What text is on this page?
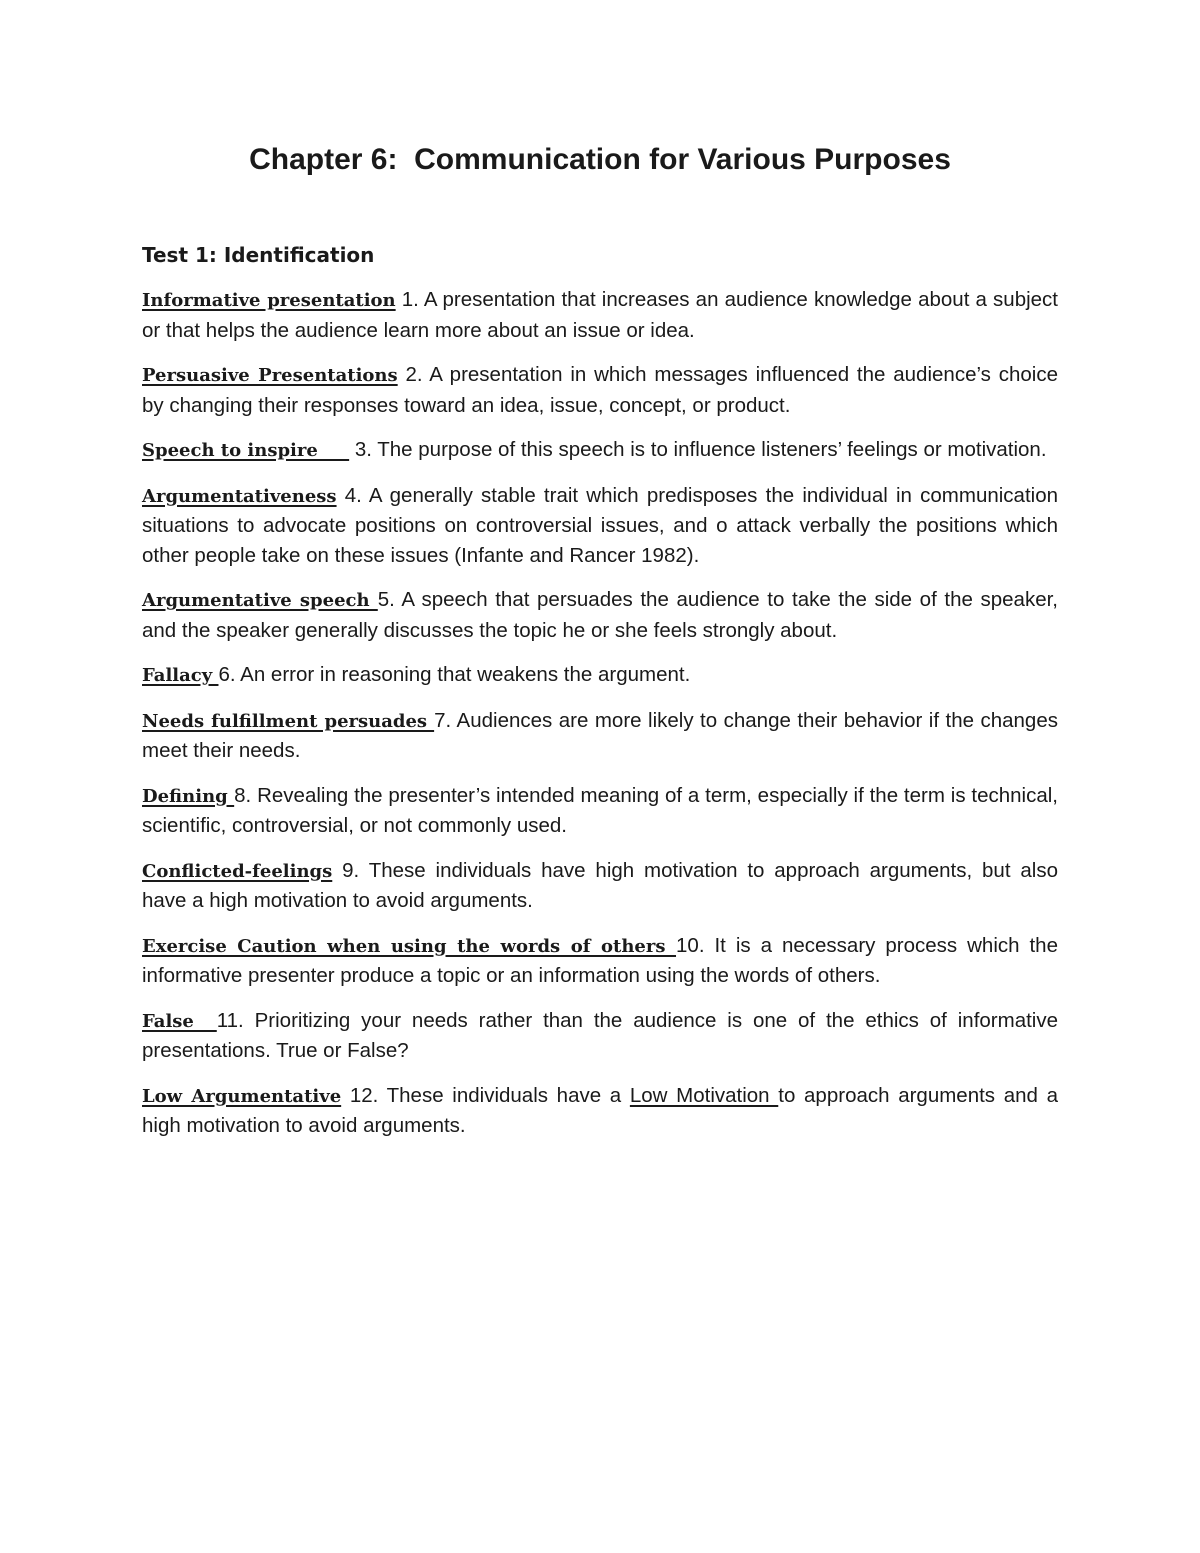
Chapter 6:  Communication for Various Purposes
Test 1: Identification

Informative presentation 1. A presentation that increases an audience knowledge about a subject or that helps the audience learn more about an issue or idea.

Persuasive Presentations 2. A presentation in which messages influenced the audience’s choice by changing their responses toward an idea, issue, concept, or product.

Speech to inspire      3. The purpose of this speech is to influence listeners’ feelings or motivation.

Argumentativeness 4. A generally stable trait which predisposes the individual in communication situations to advocate positions on controversial issues, and o attack verbally the positions which other people take on these issues (Infante and Rancer 1982).

Argumentative speech 5. A speech that persuades the audience to take the side of the speaker, and the speaker generally discusses the topic he or she feels strongly about.

Fallacy 6. An error in reasoning that weakens the argument.

Needs fulfillment persuades 7. Audiences are more likely to change their behavior if the changes meet their needs.

Defining 8. Revealing the presenter’s intended meaning of a term, especially if the term is technical, scientific, controversial, or not commonly used.

Conflicted-feelings 9. These individuals have high motivation to approach arguments, but also have a high motivation to avoid arguments.

Exercise Caution when using the words of others 10. It is a necessary process which the informative presenter produce a topic or an information using the words of others.

False  11. Prioritizing your needs rather than the audience is one of the ethics of informative presentations. True or False?

Low Argumentative 12. These individuals have a Low Motivation to approach arguments and a high motivation to avoid arguments.
